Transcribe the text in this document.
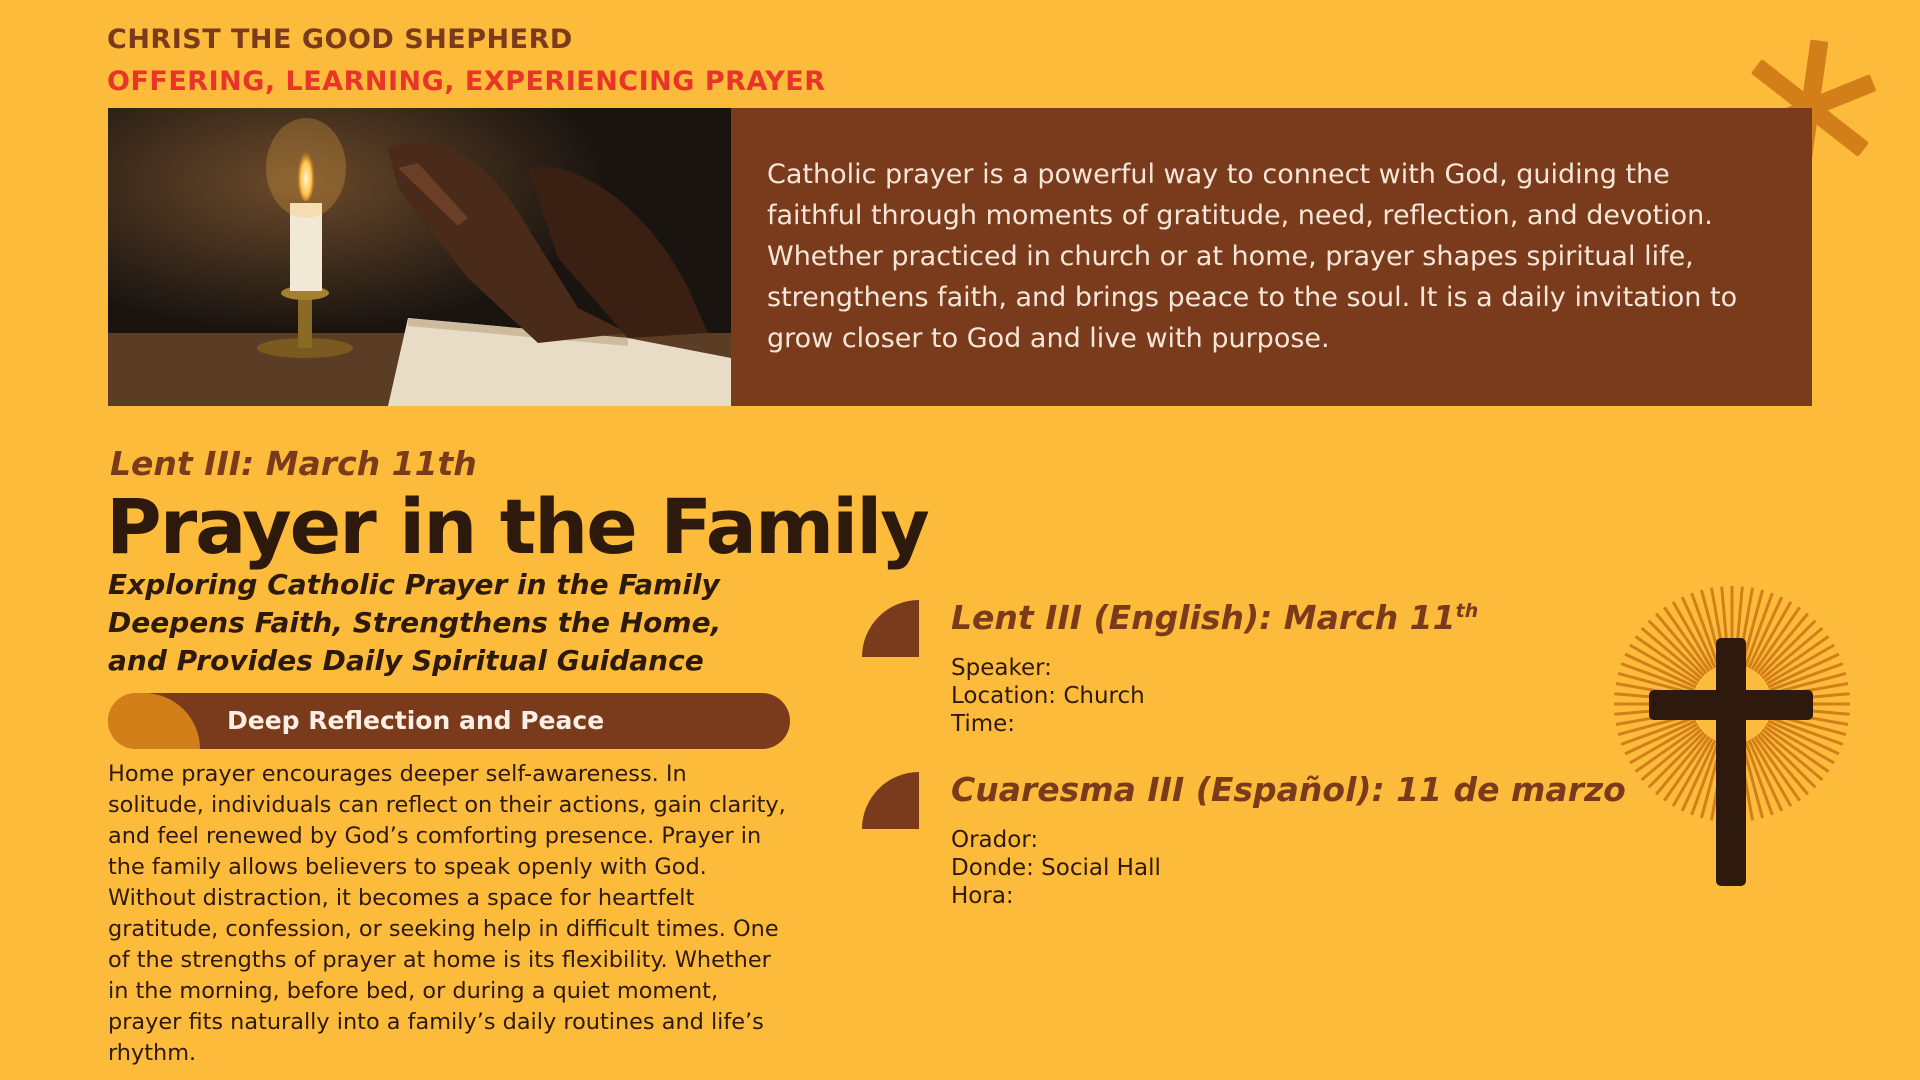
CHRIST THE GOOD SHEPHERD
OFFERING, LEARNING, EXPERIENCING PRAYER
Catholic prayer is a powerful way to connect with God, guiding the faithful through moments of gratitude, need, reflection, and devotion. Whether practiced in church or at home, prayer shapes spiritual life, strengthens faith, and brings peace to the soul. It is a daily invitation to grow closer to God and live with purpose.
Lent III: March 11th
Prayer in the Family
Exploring Catholic Prayer in the Family Deepens Faith, Strengthens the Home, and Provides Daily Spiritual Guidance
Deep Reflection and Peace
Home prayer encourages deeper self-awareness. In solitude, individuals can reflect on their actions, gain clarity, and feel renewed by God’s comforting presence. Prayer in the family allows believers to speak openly with God. Without distraction, it becomes a space for heartfelt gratitude, confession, or seeking help in difficult times. One of the strengths of prayer at home is its flexibility. Whether in the morning, before bed, or during a quiet moment, prayer fits naturally into a family’s daily routines and life’s rhythm.
Lent III (English): March 11th
Speaker:
Location: Church
Time:
Cuaresma III (Español): 11 de marzo
Orador:
Donde: Social Hall
Hora:
